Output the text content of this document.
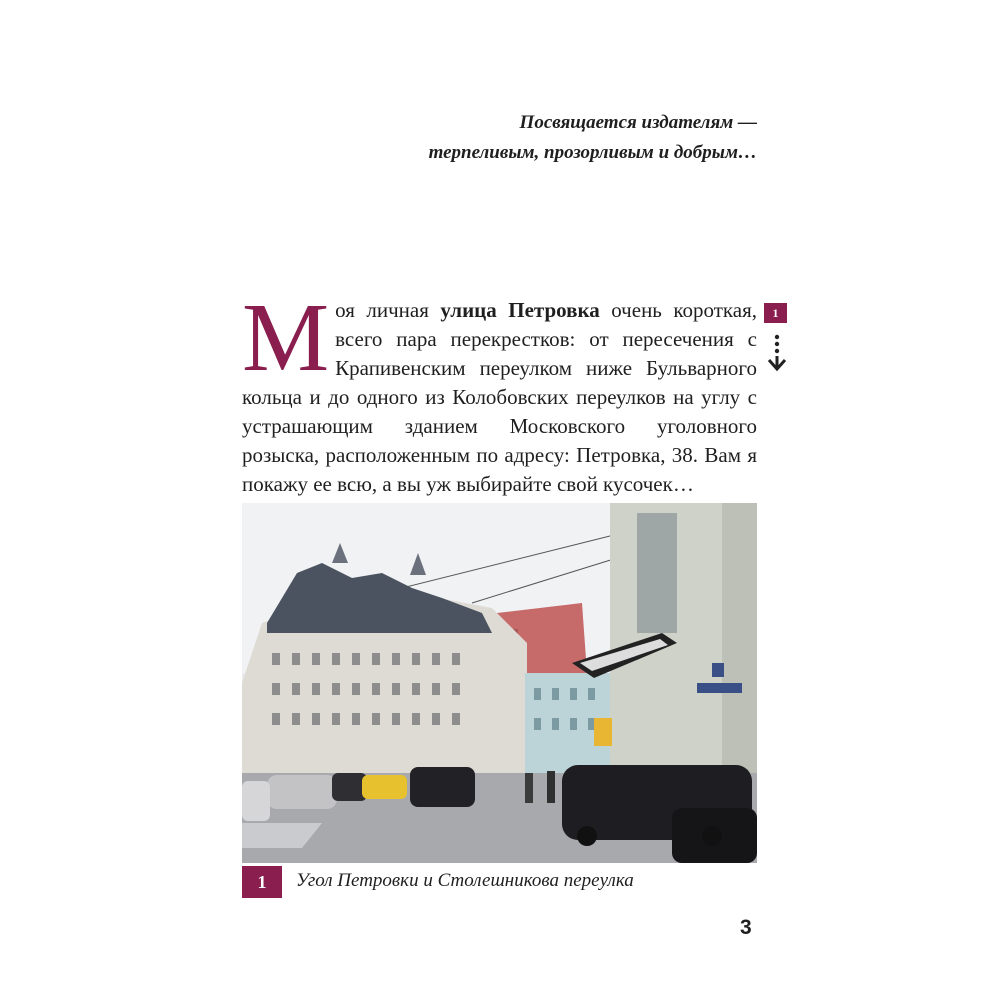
Посвящается издателям —
терпеливым, прозорливым и добрым…
М оя личная улица Петровка очень короткая, всего пара перекрестков: от пересечения с Крапивенским переулком ниже Бульварного кольца и до одного из Колобовских переулков на углу с устрашающим зданием Московского уголовного розыска, расположенным по адресу: Петровка, 38. Вам я покажу ее всю, а вы уж выбирайте свой кусочек…

1
1	Угол Петровки и Столешникова переулка
3
